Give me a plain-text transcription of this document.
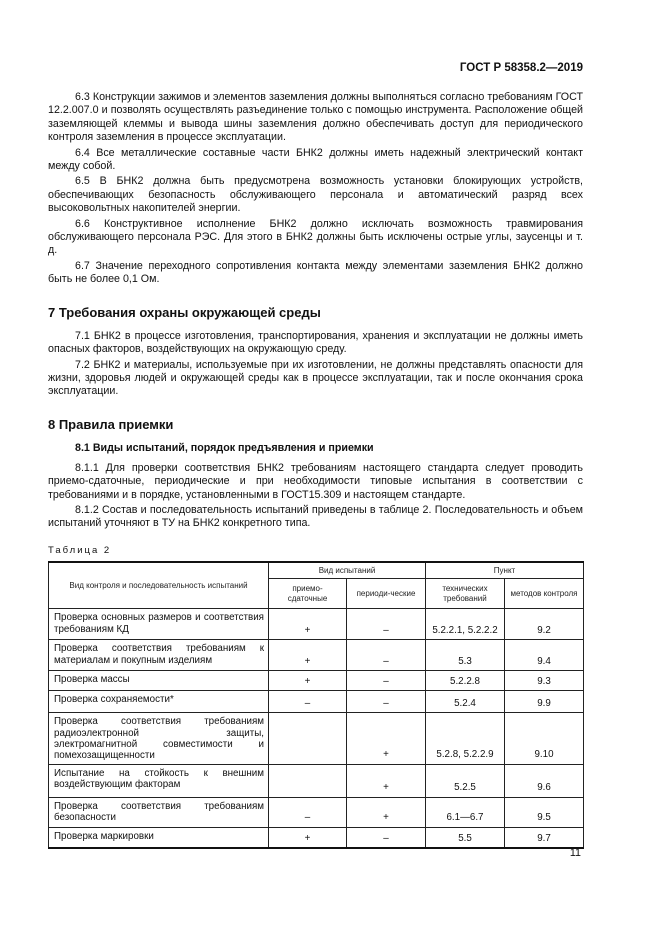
ГОСТ Р 58358.2—2019

6.3 Конструкции зажимов и элементов заземления должны выполняться согласно требованиям ГОСТ 12.2.007.0 и позволять осуществлять разъединение только с помощью инструмента. Расположение общей заземляющей клеммы и вывода шины заземления должно обеспечивать доступ для периодического контроля заземления в процессе эксплуатации.

6.4 Все металлические составные части БНК2 должны иметь надежный электрический контакт между собой.

6.5 В БНК2 должна быть предусмотрена возможность установки блокирующих устройств, обеспечивающих безопасность обслуживающего персонала и автоматический разряд всех высоковольтных накопителей энергии.

6.6 Конструктивное исполнение БНК2 должно исключать возможность травмирования обслуживающего персонала РЭС. Для этого в БНК2 должны быть исключены острые углы, заусенцы и т. д.

6.7 Значение переходного сопротивления контакта между элементами заземления БНК2 должно быть не более 0,1 Ом.

7 Требования охраны окружающей среды

7.1 БНК2 в процессе изготовления, транспортирования, хранения и эксплуатации не должны иметь опасных факторов, воздействующих на окружающую среду.

7.2 БНК2 и материалы, используемые при их изготовлении, не должны представлять опасности для жизни, здоровья людей и окружающей среды как в процессе эксплуатации, так и после окончания срока эксплуатации.

8 Правила приемки
8.1 Виды испытаний, порядок предъявления и приемки

8.1.1 Для проверки соответствия БНК2 требованиям настоящего стандарта следует проводить приемо-сдаточные, периодические и при необходимости типовые испытания в соответствии с требованиями и в порядке, установленными в ГОСТ15.309 и настоящем стандарте.

8.1.2 Состав и последовательность испытаний приведены в таблице 2. Последовательность и объем испытаний уточняют в ТУ на БНК2 конкретного типа.

Таблица 2
Вид контроля и последовательность испытаний	Вид испытаний		Пункт	
	приемо-сдаточные	периоди-ческие	технических требований	методов контроля
Проверка основных размеров и соответствия требованиям КД	+	–	5.2.2.1, 5.2.2.2	9.2
Проверка соответствия требованиям к материалам и покупным изделиям	+	–	5.3	9.4
Проверка массы	+	–	5.2.2.8	9.3
Проверка сохраняемости*	–	–	5.2.4	9.9
Проверка соответствия требованиям радиоэлектронной защиты, электромагнитной совместимости и помехозащищенности		+	5.2.8, 5.2.2.9	9.10
Испытание на стойкость к внешним воздействующим факторам		+	5.2.5	9.6
Проверка соответствия требованиям безопасности	–	+	6.1—6.7	9.5
Проверка маркировки	+	–	5.5	9.7
11
